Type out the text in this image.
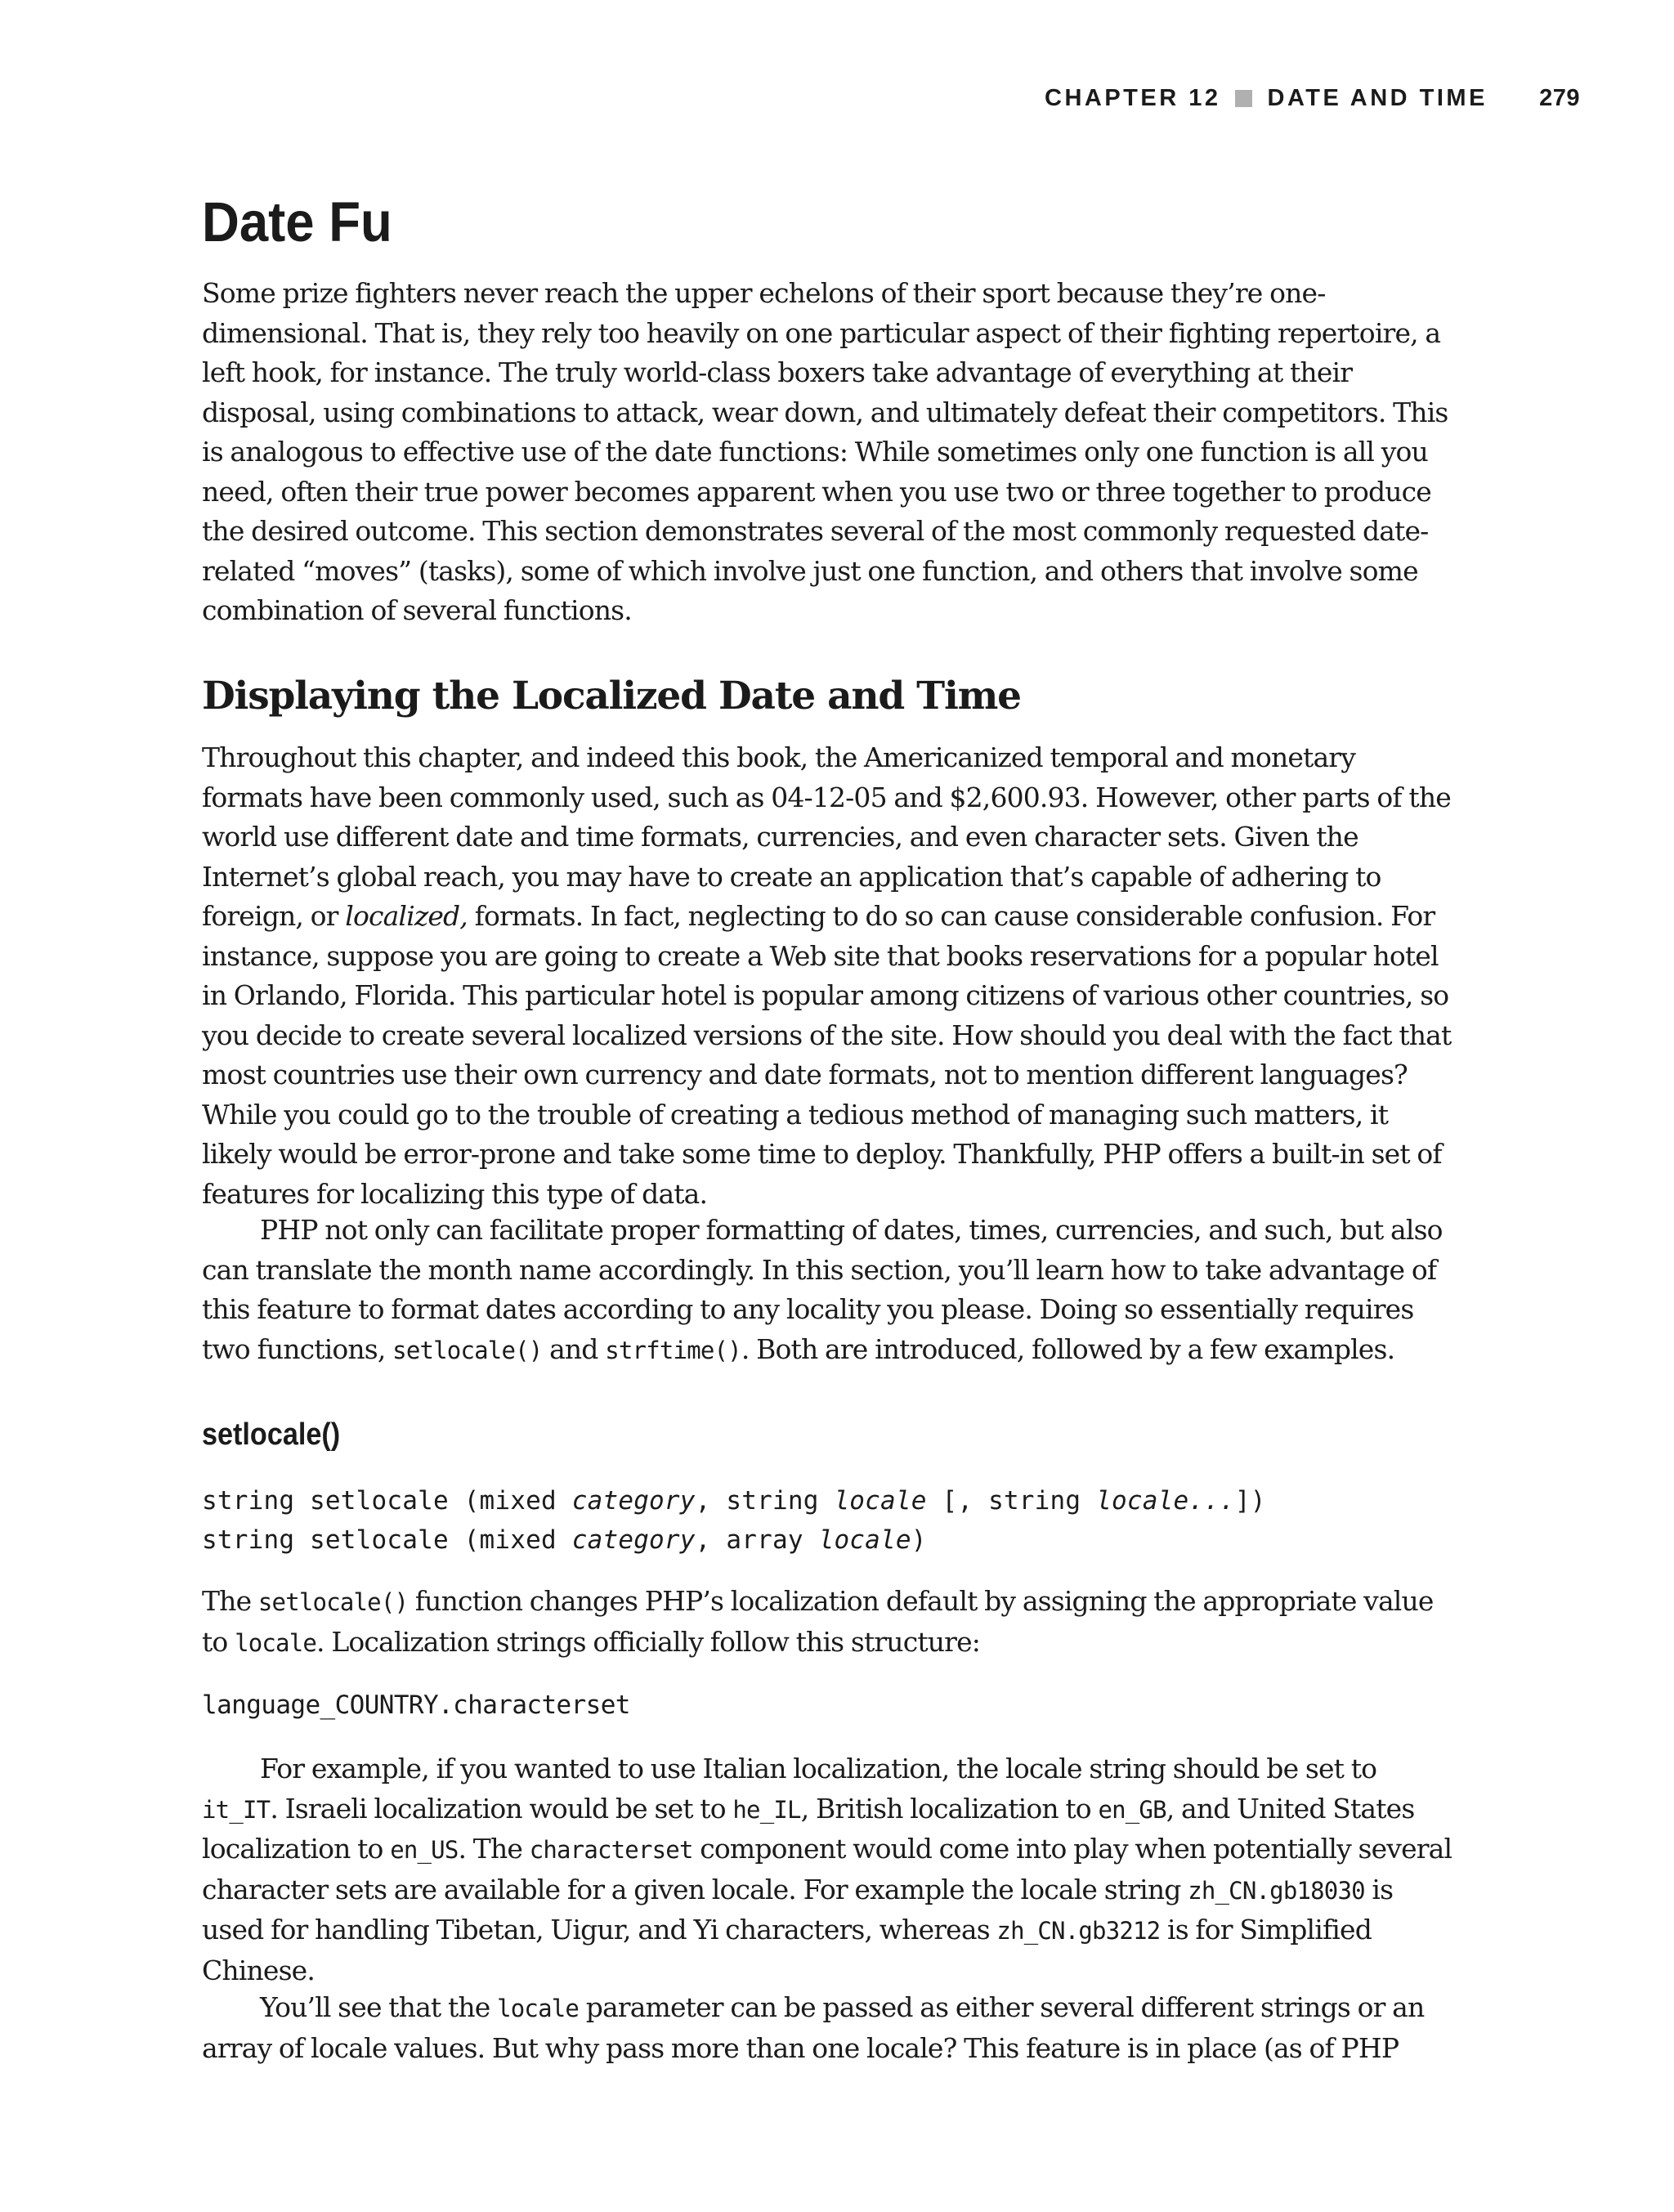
CHAPTER 12 DATE AND TIME 279
Date Fu

Some prize fighters never reach the upper echelons of their sport because they’re one-dimensional. That is, they rely too heavily on one particular aspect of their fighting repertoire, a left hook, for instance. The truly world-class boxers take advantage of everything at their disposal, using combinations to attack, wear down, and ultimately defeat their competitors. This is analogous to effective use of the date functions: While sometimes only one function is all you need, often their true power becomes apparent when you use two or three together to produce the desired outcome. This section demonstrates several of the most commonly requested date-related “moves” (tasks), some of which involve just one function, and others that involve some combination of several functions.

Displaying the Localized Date and Time

Throughout this chapter, and indeed this book, the Americanized temporal and monetary formats have been commonly used, such as 04-12-05 and $2,600.93. However, other parts of the world use different date and time formats, currencies, and even character sets. Given the Internet’s global reach, you may have to create an application that’s capable of adhering to foreign, or localized, formats. In fact, neglecting to do so can cause considerable confusion. For instance, suppose you are going to create a Web site that books reservations for a popular hotel in Orlando, Florida. This particular hotel is popular among citizens of various other countries, so you decide to create several localized versions of the site. How should you deal with the fact that most countries use their own currency and date formats, not to mention different languages? While you could go to the trouble of creating a tedious method of managing such matters, it likely would be error-prone and take some time to deploy. Thankfully, PHP offers a built-in set of features for localizing this type of data.

PHP not only can facilitate proper formatting of dates, times, currencies, and such, but also can translate the month name accordingly. In this section, you’ll learn how to take advantage of this feature to format dates according to any locality you please. Doing so essentially requires two functions, setlocale() and strftime(). Both are introduced, followed by a few examples.

setlocale()
string setlocale (mixed category, string locale [, string locale...])
string setlocale (mixed category, array locale)

The setlocale() function changes PHP’s localization default by assigning the appropriate value to locale. Localization strings officially follow this structure:

language_COUNTRY.characterset

For example, if you wanted to use Italian localization, the locale string should be set to it_IT. Israeli localization would be set to he_IL, British localization to en_GB, and United States localization to en_US. The characterset component would come into play when potentially several character sets are available for a given locale. For example the locale string zh_CN.gb18030 is used for handling Tibetan, Uigur, and Yi characters, whereas zh_CN.gb3212 is for Simplified Chinese.

You’ll see that the locale parameter can be passed as either several different strings or an array of locale values. But why pass more than one locale? This feature is in place (as of PHP
